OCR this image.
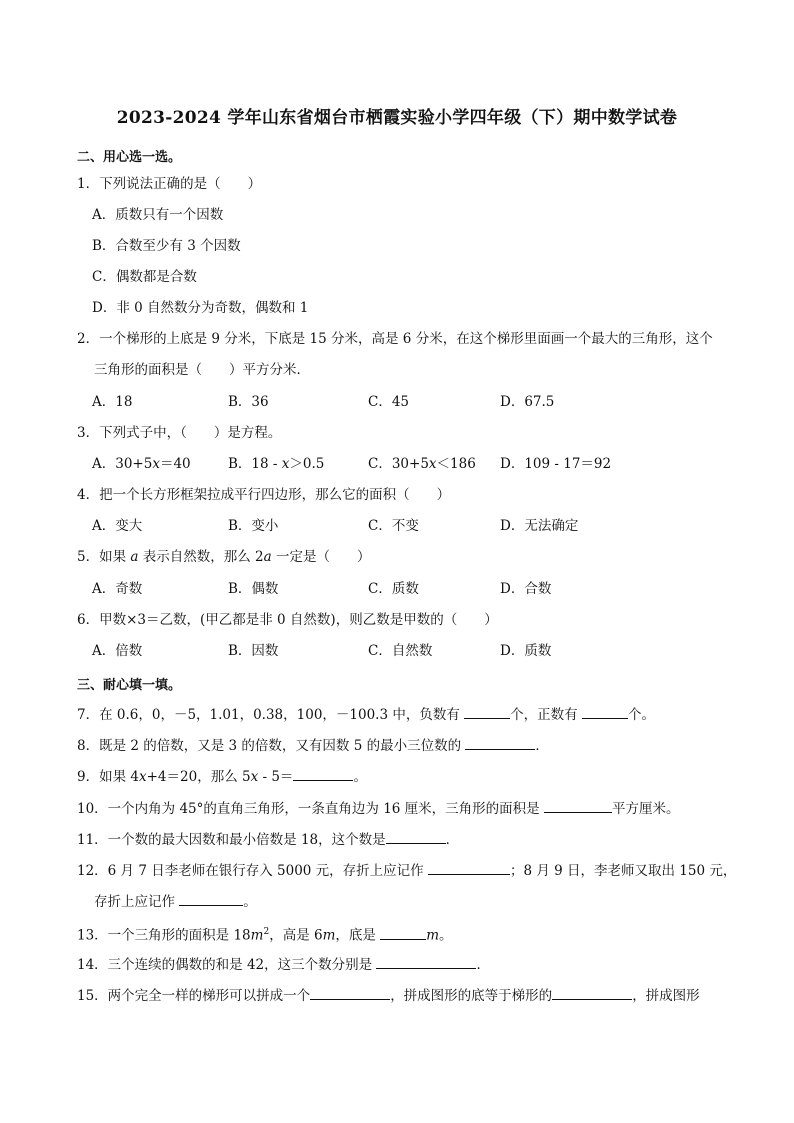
2023-2024 学年山东省烟台市栖霞实验小学四年级（下）期中数学试卷
二、用心选一选。
1．下列说法正确的是（　　）
A．质数只有一个因数
B．合数至少有 3 个因数
C．偶数都是合数
D．非 0 自然数分为奇数，偶数和 1
2．一个梯形的上底是 9 分米，下底是 15 分米，高是 6 分米，在这个梯形里面画一个最大的三角形，这个
三角形的面积是（　　）平方分米．
A．18	B．36	C．45	D．67.5
3．下列式子中，（　　）是方程。
A．30+5x＝40	B．18 - x＞0.5	C．30+5x＜186 D．109 - 17＝92
4．把一个长方形框架拉成平行四边形，那么它的面积（　　）
A．变大	B．变小	C．不变	D．无法确定
5．如果 a 表示自然数，那么 2a 一定是（　　）
A．奇数	B．偶数	C．质数	D．合数
6．甲数×3＝乙数，(甲乙都是非 0 自然数)，则乙数是甲数的（　　）
A．倍数	B．因数	C．自然数	D．质数
三、耐心填一填。
7．在 0.6，0，－5，1.01，0.38，100，－100.3 中，负数有	个，正数有	个。
8．既是 2 的倍数，又是 3 的倍数，又有因数 5 的最小三位数的	．
9．如果 4x+4＝20，那么 5x - 5＝	。
10．一个内角为 45°的直角三角形，一条直角边为 16 厘米，三角形的面积是	平方厘米。
11．一个数的最大因数和最小倍数是 18，这个数是	．
12．6 月 7 日李老师在银行存入 5000 元，存折上应记作	；8 月 9 日，李老师又取出 150 元，
存折上应记作	。
13．一个三角形的面积是 $18m^2$，高是 6m，底是	m。
14．三个连续的偶数的和是 42，这三个数分别是	．
15．两个完全一样的梯形可以拼成一个	，拼成图形的底等于梯形的	，拼成图形
